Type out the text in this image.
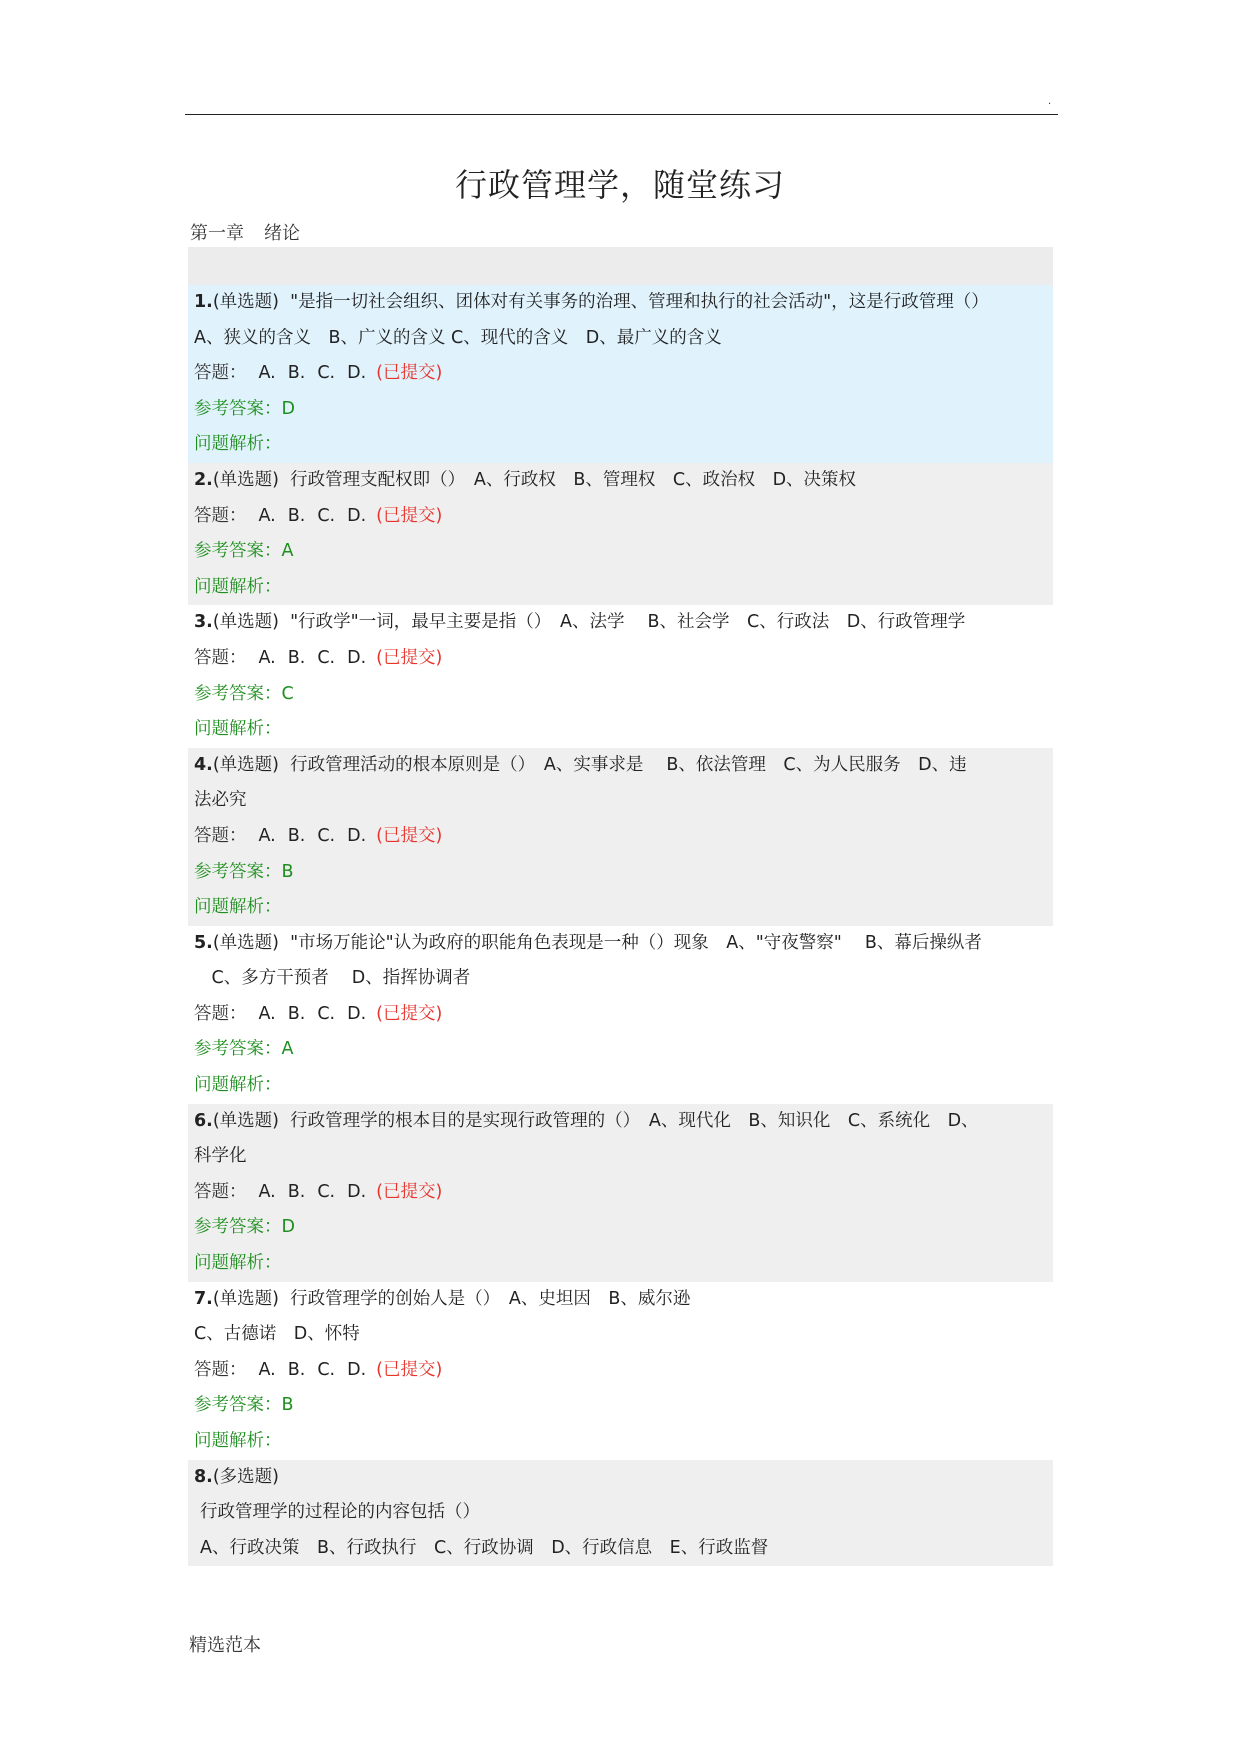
.
行政管理学，随堂练习
第一章 绪论
1.(单选题) "是指一切社会组织、团体对有关事务的治理、管理和执行的社会活动"，这是行政管理（）
A、狭义的含义　B、广义的含义 C、现代的含义　D、最广义的含义
答题： A. B. C. D. (已提交)
参考答案：D
问题解析：
2.(单选题) 行政管理支配权即（）　A、行政权　B、管理权　C、政治权　D、决策权
答题： A. B. C. D. (已提交)
参考答案：A
问题解析：
3.(单选题) "行政学"一词，最早主要是指（）　A、法学　 B、社会学　C、行政法　D、行政管理学
答题： A. B. C. D. (已提交)
参考答案：C
问题解析：
4.(单选题) 行政管理活动的根本原则是（）　A、实事求是　 B、依法管理　C、为人民服务　D、违
法必究
答题： A. B. C. D. (已提交)
参考答案：B
问题解析：
5.(单选题) "市场万能论"认为政府的职能角色表现是一种（）现象　A、"守夜警察"　 B、幕后操纵者
　C、多方干预者　 D、指挥协调者
答题： A. B. C. D. (已提交)
参考答案：A
问题解析：
6.(单选题) 行政管理学的根本目的是实现行政管理的（）　A、现代化　B、知识化　C、系统化　D、
科学化
答题： A. B. C. D. (已提交)
参考答案：D
问题解析：
7.(单选题) 行政管理学的创始人是（）　A、史坦因　B、威尔逊
C、古德诺　D、怀特
答题： A. B. C. D. (已提交)
参考答案：B
问题解析：
8.(多选题)
行政管理学的过程论的内容包括（）
A、行政决策　B、行政执行　C、行政协调　D、行政信息　E、行政监督
精选范本
